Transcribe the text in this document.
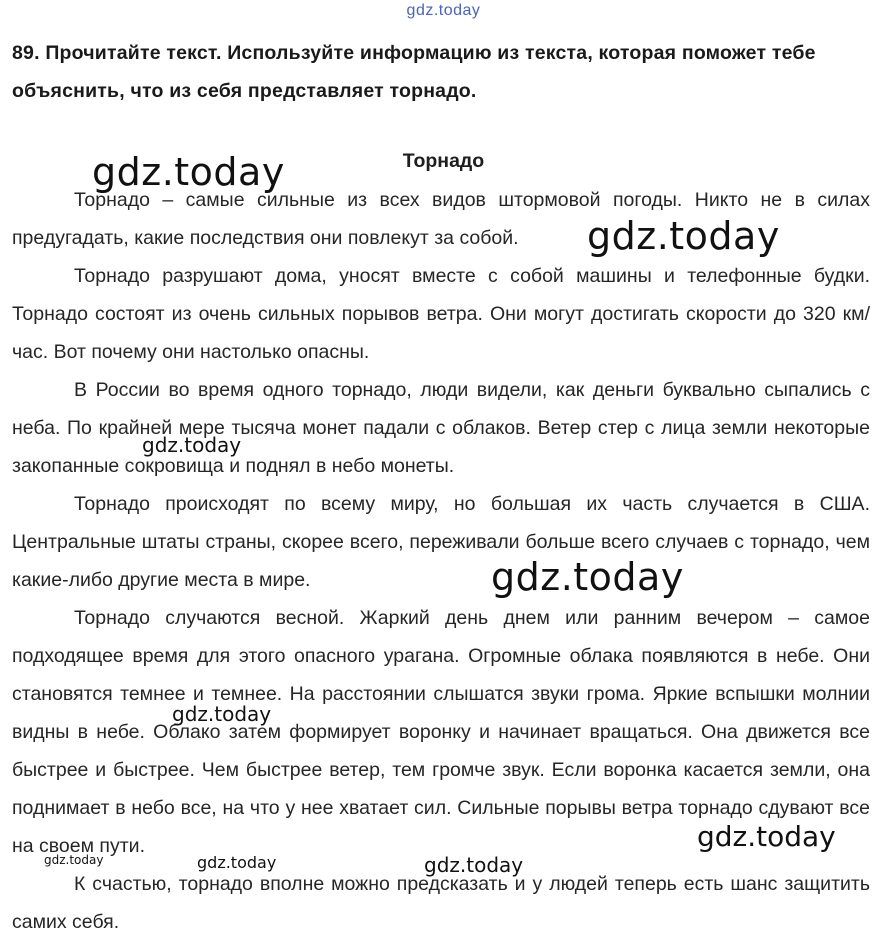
gdz.today
89. Прочитайте текст. Используйте информацию из текста, которая поможет тебе объяснить, что из себя представляет торнадо.
Торнадо

Торнадо – самые сильные из всех видов штормовой погоды. Никто не в силах предугадать, какие последствия они повлекут за собой.

Торнадо разрушают дома, уносят вместе с собой машины и телефонные будки. Торнадо состоят из очень сильных порывов ветра. Они могут достигать скорости до 320 км/час. Вот почему они настолько опасны.

В России во время одного торнадо, люди видели, как деньги буквально сыпались с неба. По крайней мере тысяча монет падали с облаков. Ветер стер с лица земли некоторые закопанные сокровища и поднял в небо монеты.

Торнадо происходят по всему миру, но большая их часть случается в США. Центральные штаты страны, скорее всего, переживали больше всего случаев с торнадо, чем какие-либо другие места в мире.

Торнадо случаются весной. Жаркий день днем или ранним вечером – самое подходящее время для этого опасного урагана. Огромные облака появляются в небе. Они становятся темнее и темнее. На расстоянии слышатся звуки грома. Яркие вспышки молнии видны в небе. Облако затем формирует воронку и начинает вращаться. Она движется все быстрее и быстрее. Чем быстрее ветер, тем громче звук. Если воронка касается земли, она поднимает в небо все, на что у нее хватает сил. Сильные порывы ветра торнадо сдувают все на своем пути.

К счастью, торнадо вполне можно предсказать и у людей теперь есть шанс защитить самих себя.

gdz.today
gdz.today
gdz.today
gdz.today
gdz.today
gdz.today
gdz.today	gdz.today	gdz.today
